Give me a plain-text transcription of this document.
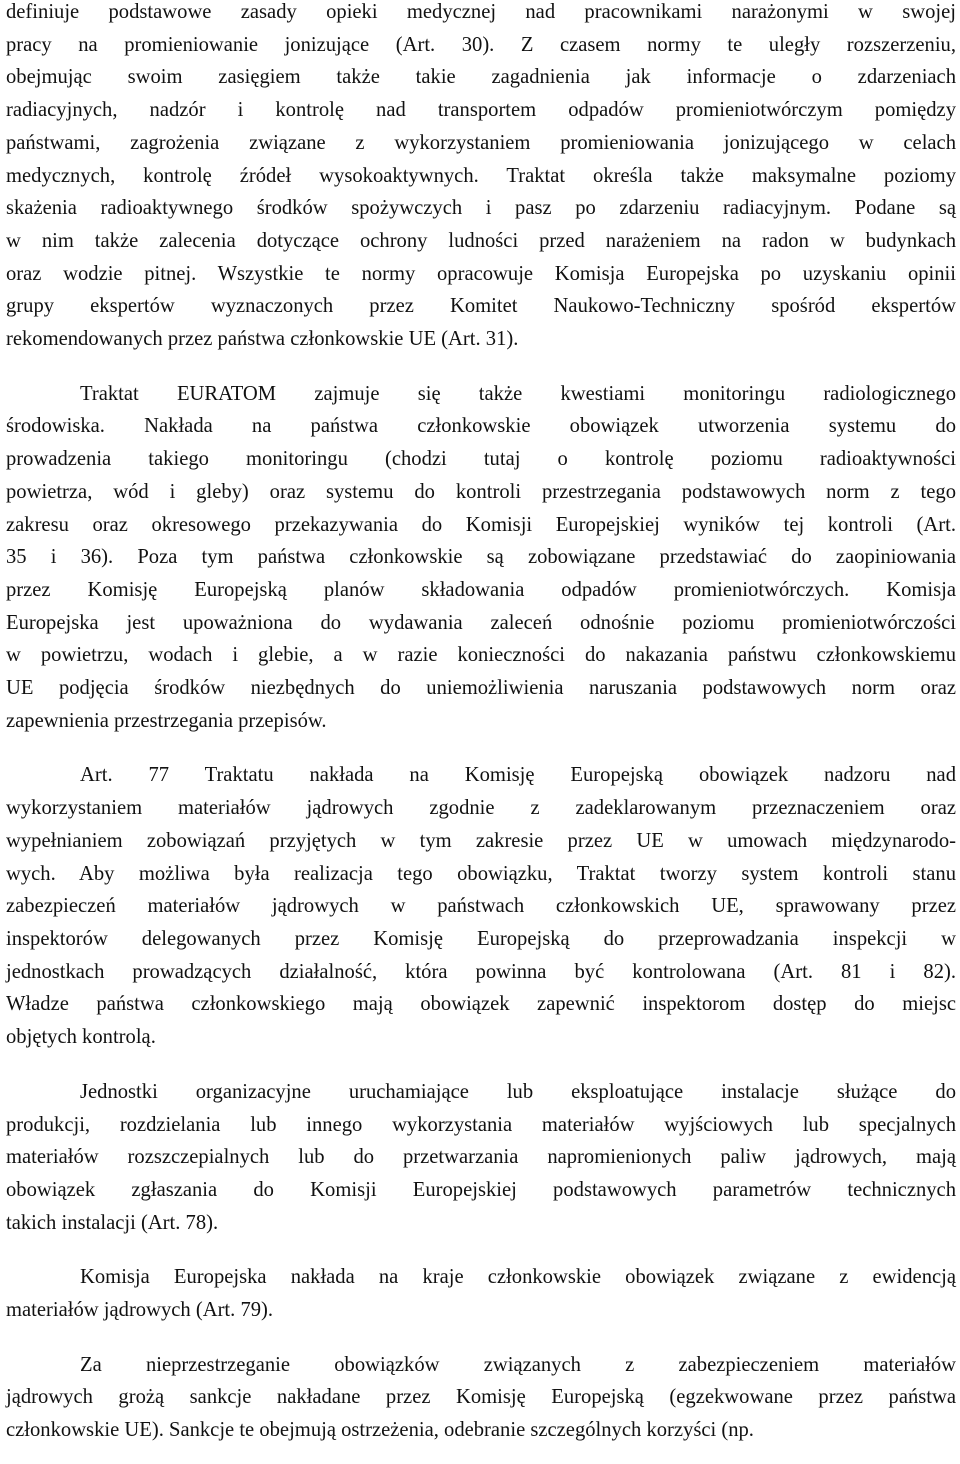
definiuje podstawowe zasady opieki medycznej nad pracownikami narażonymi w swojej
pracy na promieniowanie jonizujące (Art. 30). Z czasem normy te uległy rozszerzeniu,
obejmując swoim zasięgiem także takie zagadnienia jak informacje o zdarzeniach
radiacyjnych, nadzór i kontrolę nad transportem odpadów promieniotwórczym pomiędzy
państwami, zagrożenia związane z wykorzystaniem promieniowania jonizującego w celach
medycznych, kontrolę źródeł wysokoaktywnych. Traktat określa także maksymalne poziomy
skażenia radioaktywnego środków spożywczych i pasz po zdarzeniu radiacyjnym. Podane są
w nim także zalecenia dotyczące ochrony ludności przed narażeniem na radon w budynkach
oraz wodzie pitnej. Wszystkie te normy opracowuje Komisja Europejska po uzyskaniu opinii
grupy ekspertów wyznaczonych przez Komitet Naukowo-Techniczny spośród ekspertów
rekomendowanych przez państwa członkowskie UE (Art. 31).
Traktat EURATOM zajmuje się także kwestiami monitoringu radiologicznego
środowiska. Nakłada na państwa członkowskie obowiązek utworzenia systemu do
prowadzenia takiego monitoringu (chodzi tutaj o kontrolę poziomu radioaktywności
powietrza, wód i gleby) oraz systemu do kontroli przestrzegania podstawowych norm z tego
zakresu oraz okresowego przekazywania do Komisji Europejskiej wyników tej kontroli (Art.
35 i 36). Poza tym państwa członkowskie są zobowiązane przedstawiać do zaopiniowania
przez Komisję Europejską planów składowania odpadów promieniotwórczych. Komisja
Europejska jest upoważniona do wydawania zaleceń odnośnie poziomu promieniotwórczości
w powietrzu, wodach i glebie, a w razie konieczności do nakazania państwu członkowskiemu
UE podjęcia środków niezbędnych do uniemożliwienia naruszania podstawowych norm oraz
zapewnienia przestrzegania przepisów.
Art. 77 Traktatu nakłada na Komisję Europejską obowiązek nadzoru nad
wykorzystaniem materiałów jądrowych zgodnie z zadeklarowanym przeznaczeniem oraz
wypełnianiem zobowiązań przyjętych w tym zakresie przez UE w umowach międzynarodo-
wych. Aby możliwa była realizacja tego obowiązku, Traktat tworzy system kontroli stanu
zabezpieczeń materiałów jądrowych w państwach członkowskich UE, sprawowany przez
inspektorów delegowanych przez Komisję Europejską do przeprowadzania inspekcji w
jednostkach prowadzących działalność, która powinna być kontrolowana (Art. 81 i 82).
Władze państwa członkowskiego mają obowiązek zapewnić inspektorom dostęp do miejsc
objętych kontrolą.
Jednostki organizacyjne uruchamiające lub eksploatujące instalacje służące do
produkcji, rozdzielania lub innego wykorzystania materiałów wyjściowych lub specjalnych
materiałów rozszczepialnych lub do przetwarzania napromienionych paliw jądrowych, mają
obowiązek zgłaszania do Komisji Europejskiej podstawowych parametrów technicznych
takich instalacji (Art. 78).
Komisja Europejska nakłada na kraje członkowskie obowiązek związane z ewidencją
materiałów jądrowych (Art. 79).
Za nieprzestrzeganie obowiązków związanych z zabezpieczeniem materiałów
jądrowych grożą sankcje nakładane przez Komisję Europejską (egzekwowane przez państwa
członkowskie UE). Sankcje te obejmują ostrzeżenia, odebranie szczególnych korzyści (np.
